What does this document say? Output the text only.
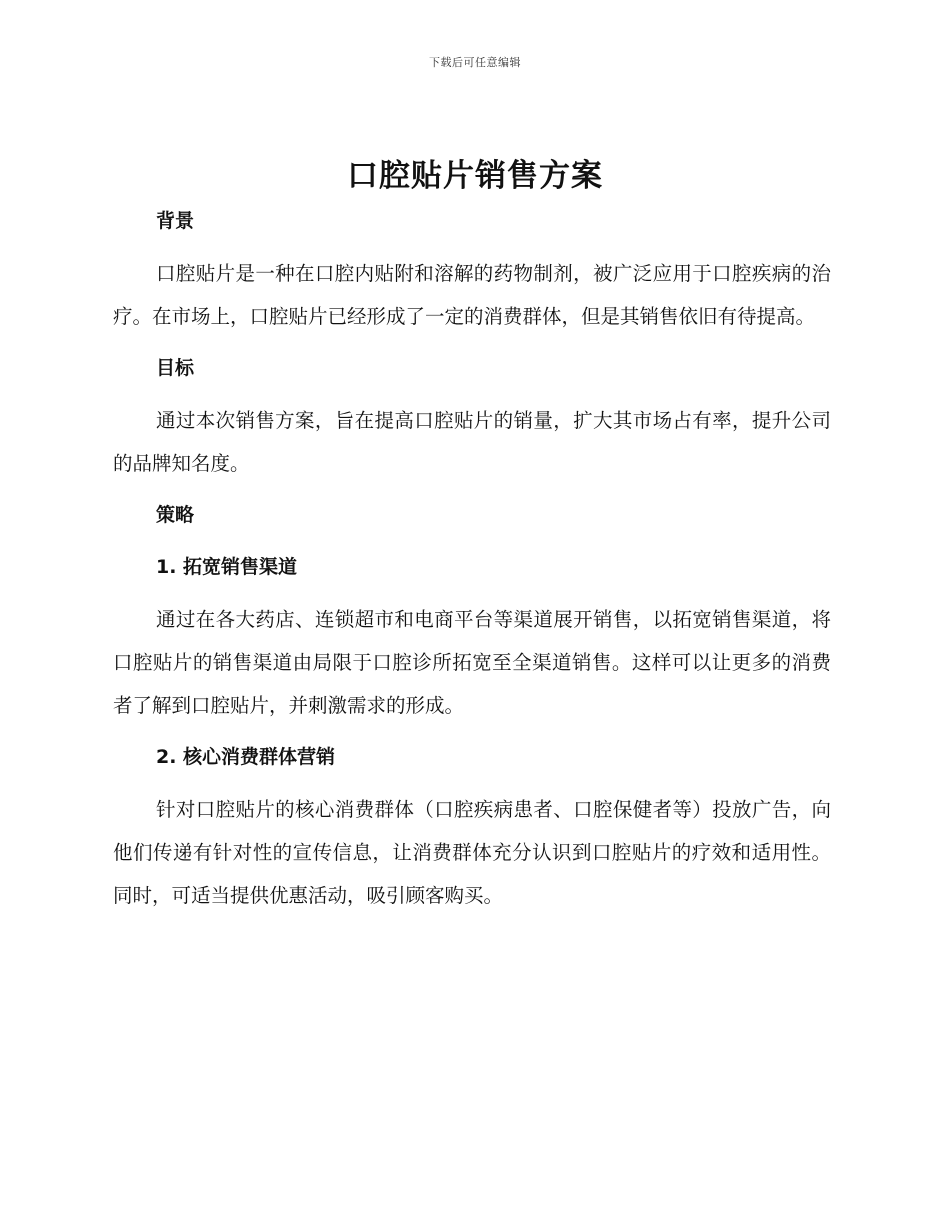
下载后可任意编辑
口腔贴片销售方案
背景

口腔贴片是一种在口腔内贴附和溶解的药物制剂，被广泛应用于口腔疾病的治疗。在市场上，口腔贴片已经形成了一定的消费群体，但是其销售依旧有待提高。

目标

通过本次销售方案，旨在提高口腔贴片的销量，扩大其市场占有率，提升公司的品牌知名度。

策略
1. 拓宽销售渠道

通过在各大药店、连锁超市和电商平台等渠道展开销售，以拓宽销售渠道，将口腔贴片的销售渠道由局限于口腔诊所拓宽至全渠道销售。这样可以让更多的消费者了解到口腔贴片，并刺激需求的形成。

2. 核心消费群体营销

针对口腔贴片的核心消费群体（口腔疾病患者、口腔保健者等）投放广告，向他们传递有针对性的宣传信息，让消费群体充分认识到口腔贴片的疗效和适用性。同时，可适当提供优惠活动，吸引顾客购买。
